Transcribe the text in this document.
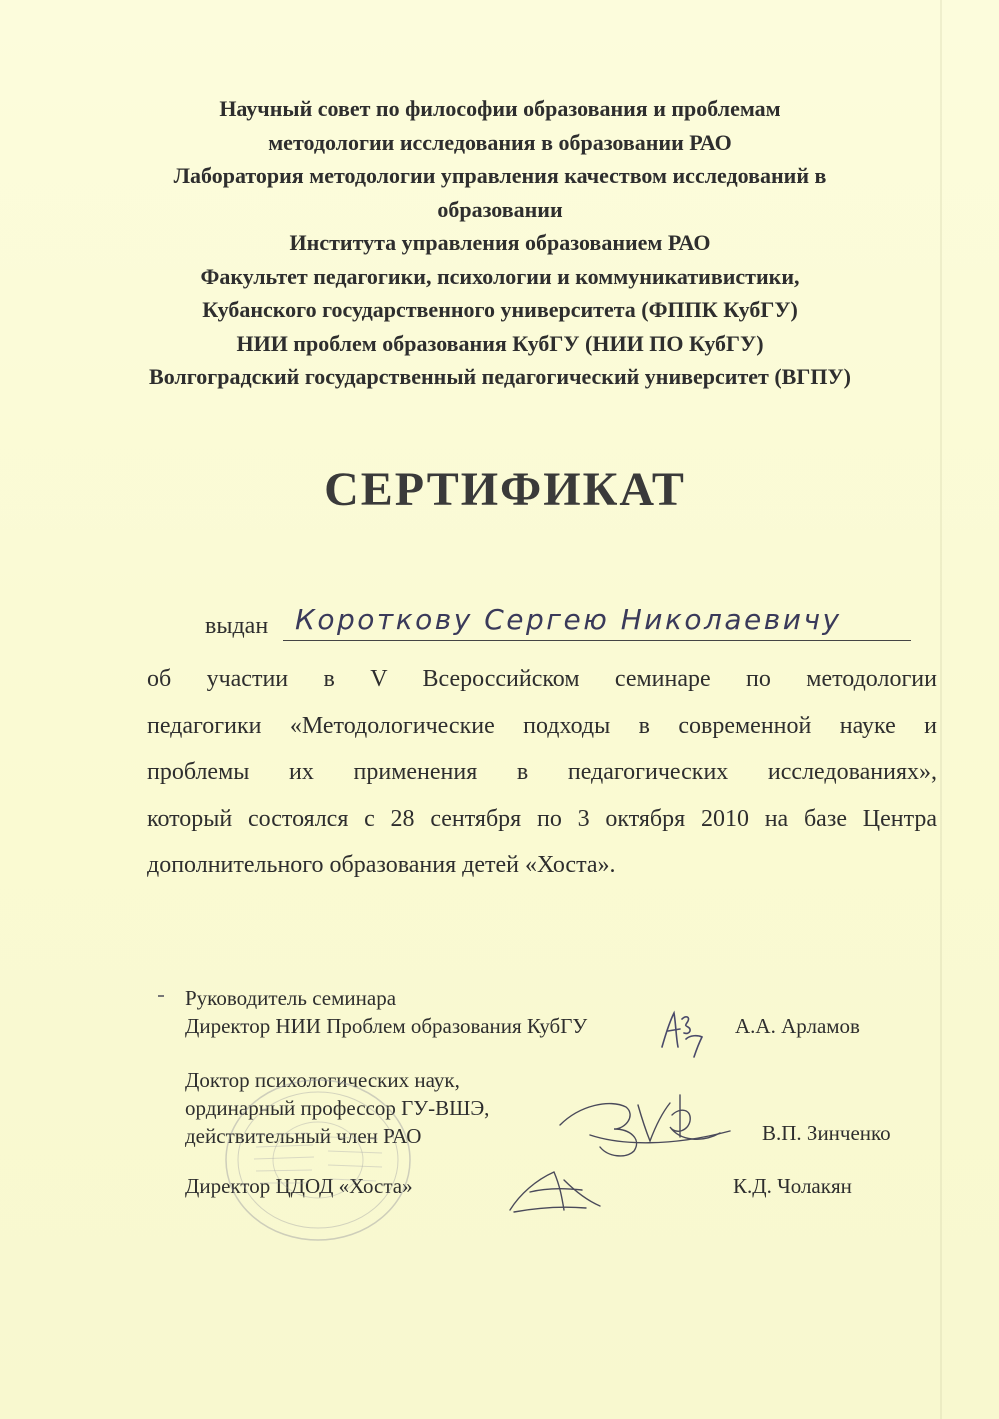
Научный совет по философии образования и проблемам
методологии исследования в образовании РАО
Лаборатория методологии управления качеством исследований в
образовании
Института управления образованием РАО
Факультет педагогики, психологии и коммуникативистики,
Кубанского государственного университета (ФППК КубГУ)
НИИ проблем образования КубГУ (НИИ ПО КубГУ)
Волгоградский государственный педагогический университет (ВГПУ)
СЕРТИФИКАТ
выдан Короткову Сергею Николаевичу
об участии в V Всероссийском семинаре по методологии
педагогики «Методологические подходы в современной науке и
проблемы их применения в педагогических исследованиях»,
который состоялся с 28 сентября по 3 октября 2010 на базе Центра
дополнительного образования детей «Хоста».
Руководитель семинара
Директор НИИ Проблем образования КубГУ	А.А. Арламов
Доктор психологических наук,
ординарный профессор ГУ-ВШЭ,
действительный член РАО	В.П. Зинченко
Директор ЦДОД «Хоста»	К.Д. Чолакян
